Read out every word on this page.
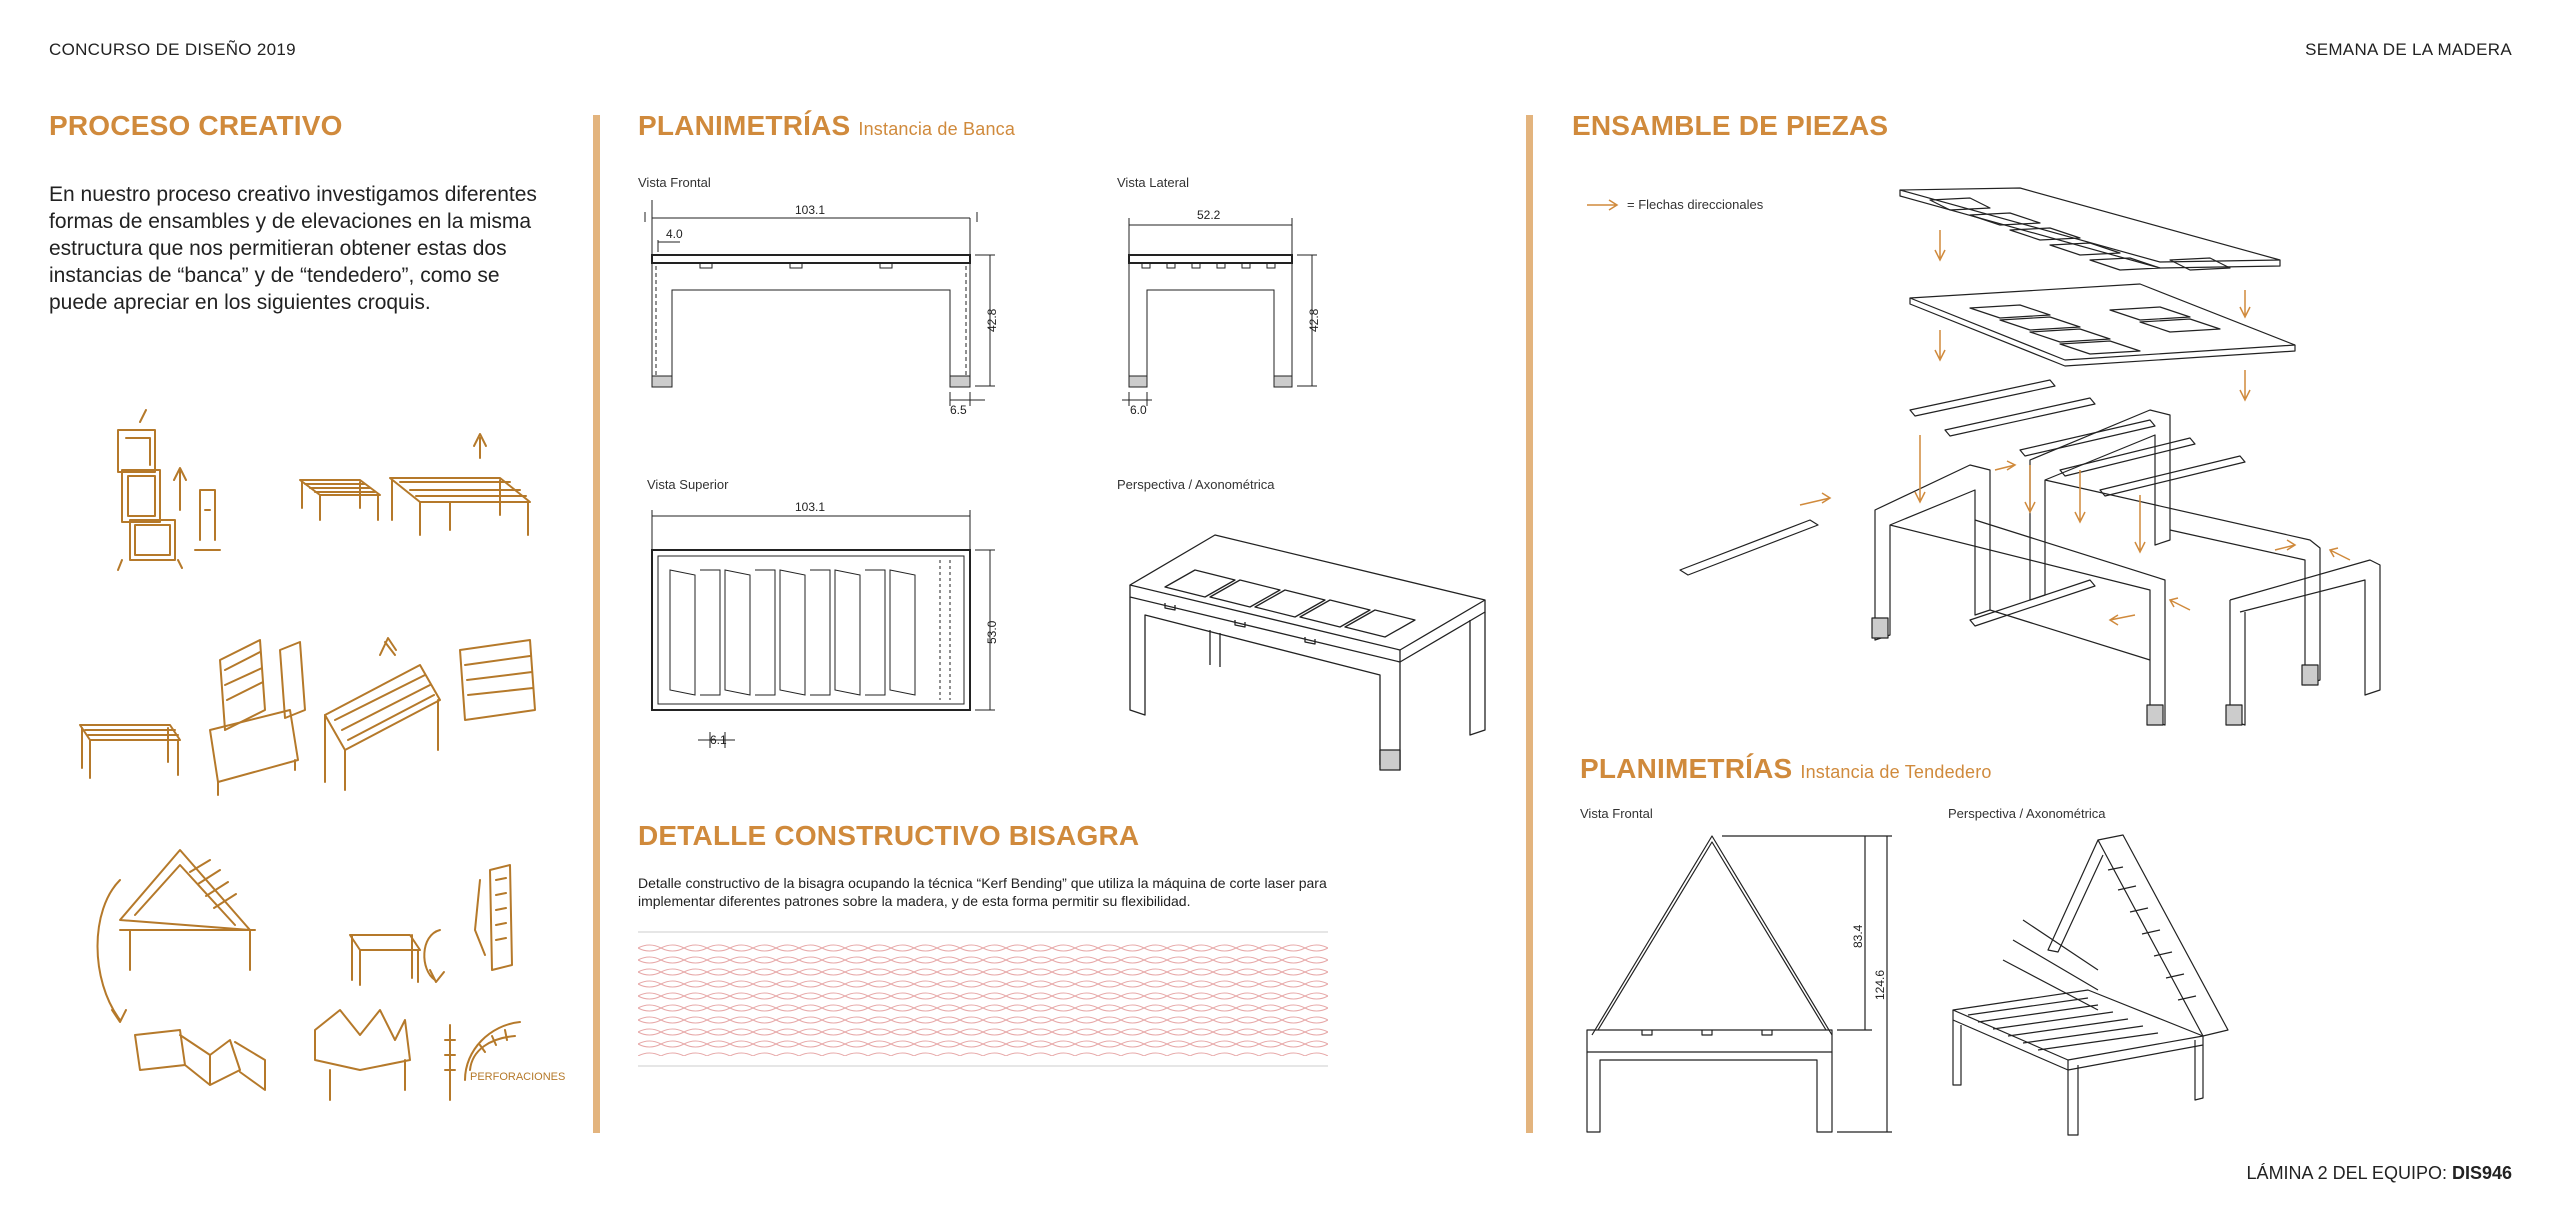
CONCURSO DE DISEÑO 2019	SEMANA DE LA MADERA
PROCESO CREATIVO
En nuestro proceso creativo investigamos diferentes formas de ensambles y de elevaciones en la misma estructura que nos permitieran obtener estas dos instancias de “banca” y de “tendedero”, como se puede apreciar en los siguientes croquis.
PERFORACIONES
PLANIMETRÍAS Instancia de Banca
Vista Frontal	Vista Lateral
Vista Superior	Perspectiva / Axonométrica
103.1
4.0
6.5
42.8
52.2
6.0
42.8
103.1
6.1
53.0
DETALLE CONSTRUCTIVO BISAGRA
Detalle constructivo de la bisagra ocupando la técnica “Kerf Bending” que utiliza la máquina de corte laser para implementar diferentes patrones sobre la madera, y de esta forma permitir su flexibilidad.
ENSAMBLE DE PIEZAS
= Flechas direccionales
PLANIMETRÍAS Instancia de Tendedero
Vista Frontal	Perspectiva / Axonométrica
83.4
124.6
LÁMINA 2 DEL EQUIPO: DIS946
